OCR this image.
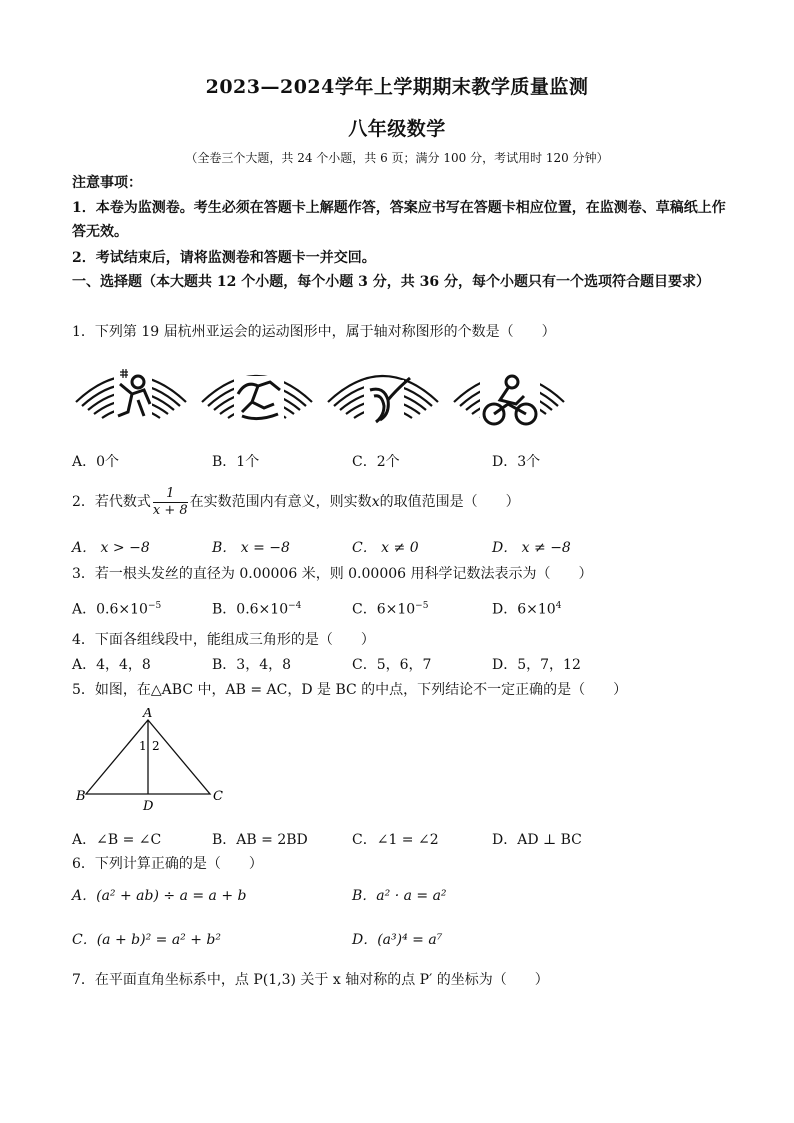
2023—2024学年上学期期末教学质量监测
八年级数学
（全卷三个大题，共 24 个小题，共 6 页；满分 100 分，考试用时 120 分钟）
注意事项：
1．本卷为监测卷。考生必须在答题卡上解题作答，答案应书写在答题卡相应位置，在监测卷、草稿纸上作答无效。
2．考试结束后，请将监测卷和答题卡一并交回。
一、选择题（本大题共 12 个小题，每个小题 3 分，共 36 分，每个小题只有一个选项符合题目要求）
1．下列第 19 届杭州亚运会的运动图形中，属于轴对称图形的个数是（　　）
A．0个	B．1个	C．2个	D．3个
2．若代数式 $\frac{1}{x + 8}$ 在实数范围内有意义，则实数x的取值范围是（　　）
A． x > −8	B． x = −8	C． x ≠ 0	D． x ≠ −8
3．若一根头发丝的直径为 0.00006 米，则 0.00006 用科学记数法表示为（　　）
A．$0.6\times 10^{-5}$	B．$0.6\times 10^{-4}$	C．$6\times 10^{-5}$	D．$6\times 10^4$
4．下面各组线段中，能组成三角形的是（　　）
A．4，4，8	B．3，4，8	C．5，6，7	D．5，7，12
5．如图，在△ABC 中，AB = AC，D 是 BC 的中点，下列结论不一定正确的是（　　）
A
B	C
D
1 2
A．∠B = ∠C	B．AB = 2BD	C．∠1 = ∠2	D．AD ⊥ BC
6．下列计算正确的是（　　）
A．(a² + ab) ÷ a = a + b	B．a² · a = a²
C．(a + b)² = a² + b²	D．(a³)⁴ = a⁷
7．在平面直角坐标系中，点 P(1,3) 关于 x 轴对称的点 P′ 的坐标为（　　）
